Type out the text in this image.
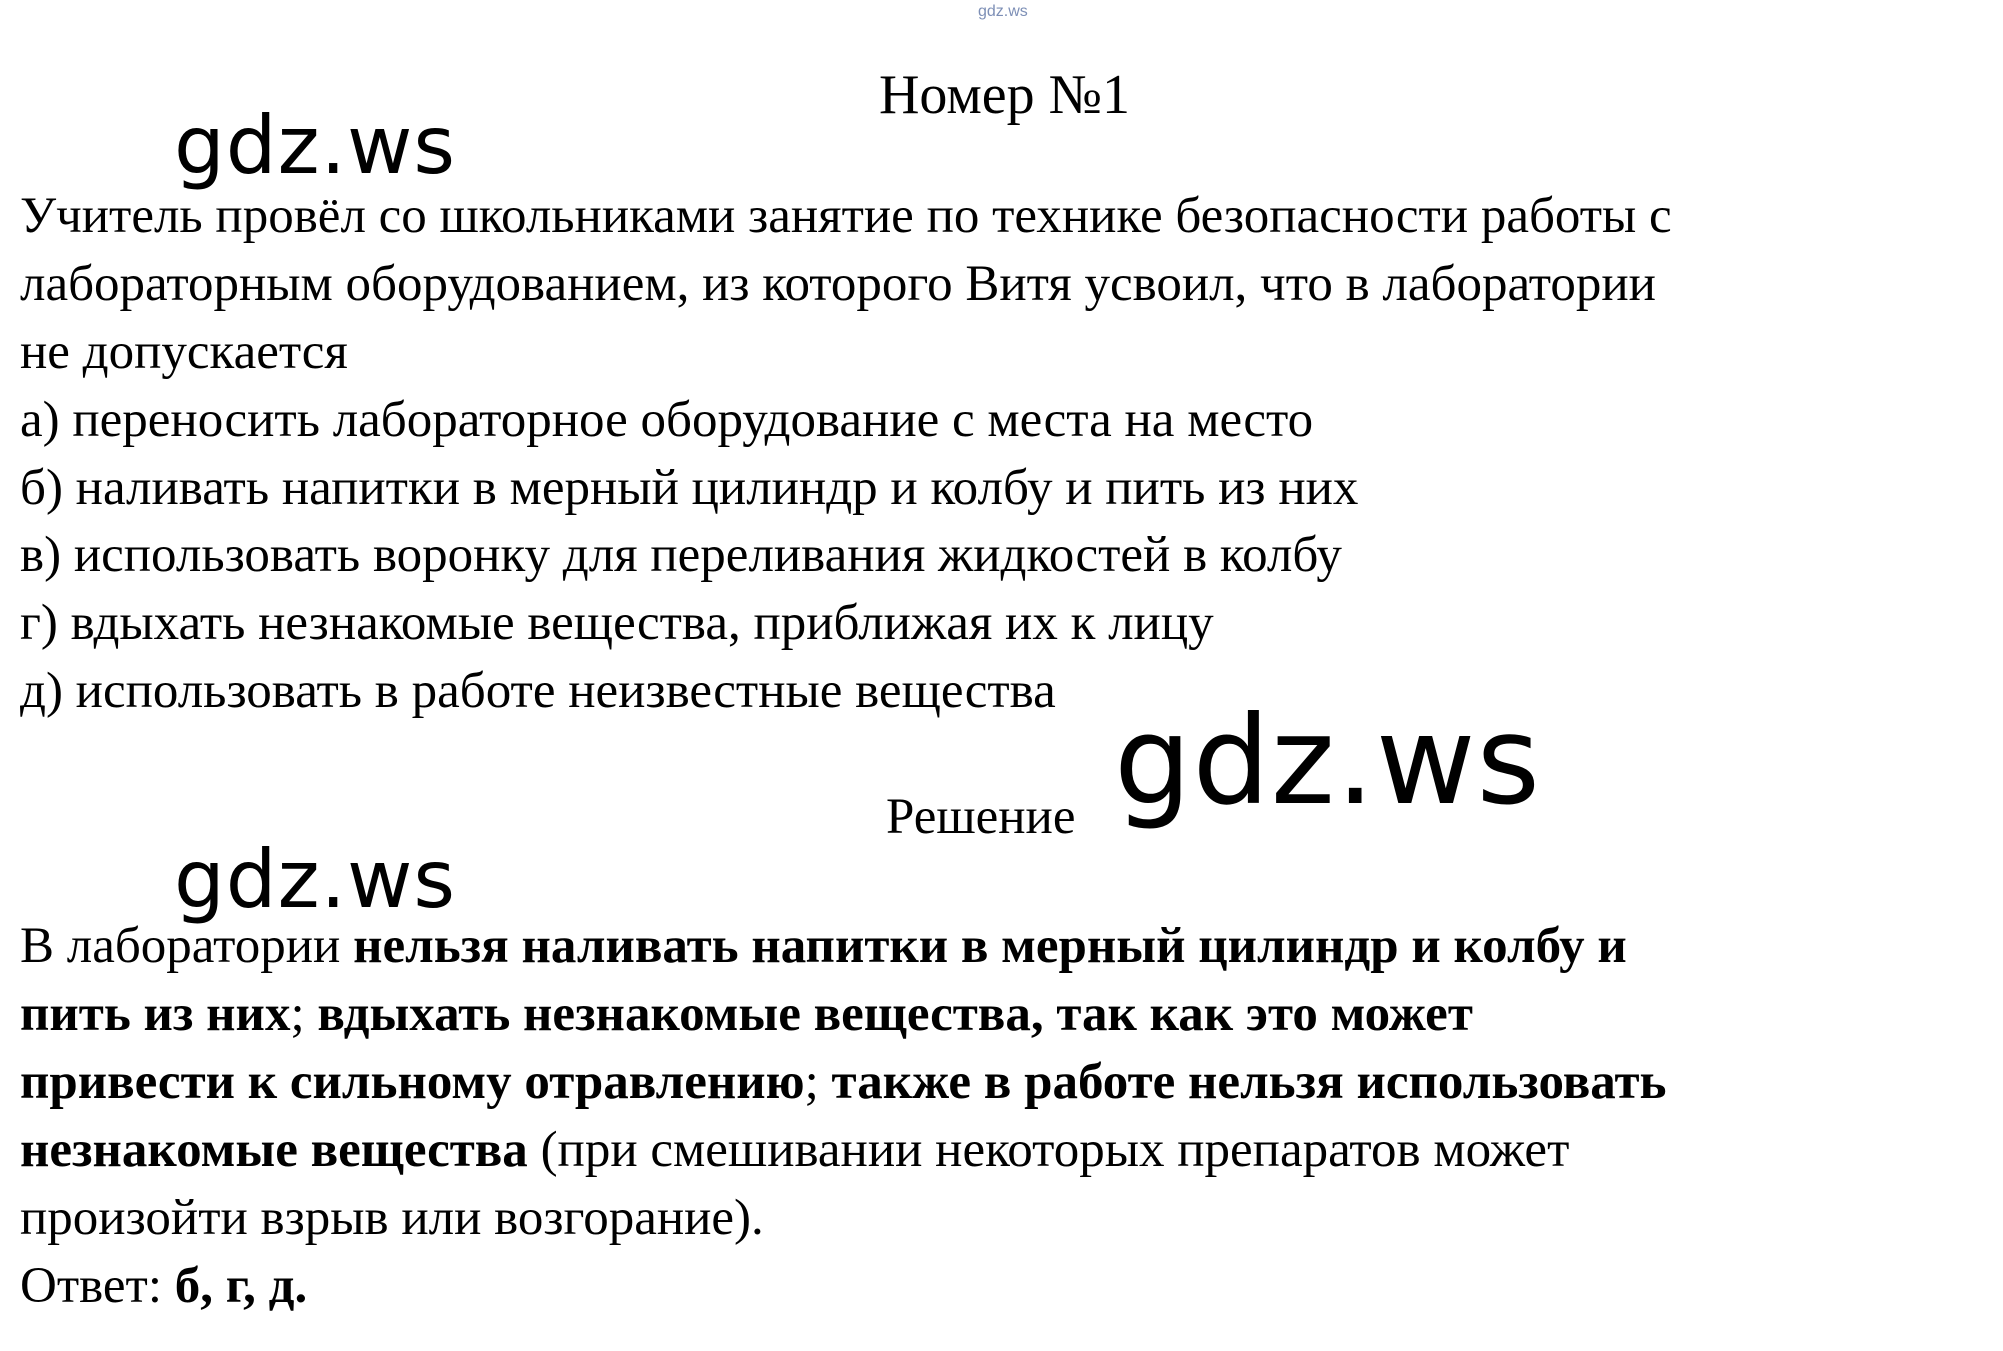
gdz.ws
Номер №1
gdz.ws
Учитель провёл со школьниками занятие по технике безопасности работы с
лабораторным оборудованием, из которого Витя усвоил, что в лаборатории
не допускается
а) переносить лабораторное оборудование с места на место
б) наливать напитки в мерный цилиндр и колбу и пить из них
в) использовать воронку для переливания жидкостей в колбу
г) вдыхать незнакомые вещества, приближая их к лицу
д) использовать в работе неизвестные вещества
Решение gdz.ws
gdz.ws
В лаборатории нельзя наливать напитки в мерный цилиндр и колбу и
пить из них; вдыхать незнакомые вещества, так как это может
привести к сильному отравлению; также в работе нельзя использовать
незнакомые вещества (при смешивании некоторых препаратов может
произойти взрыв или возгорание).
Ответ: б, г, д.
